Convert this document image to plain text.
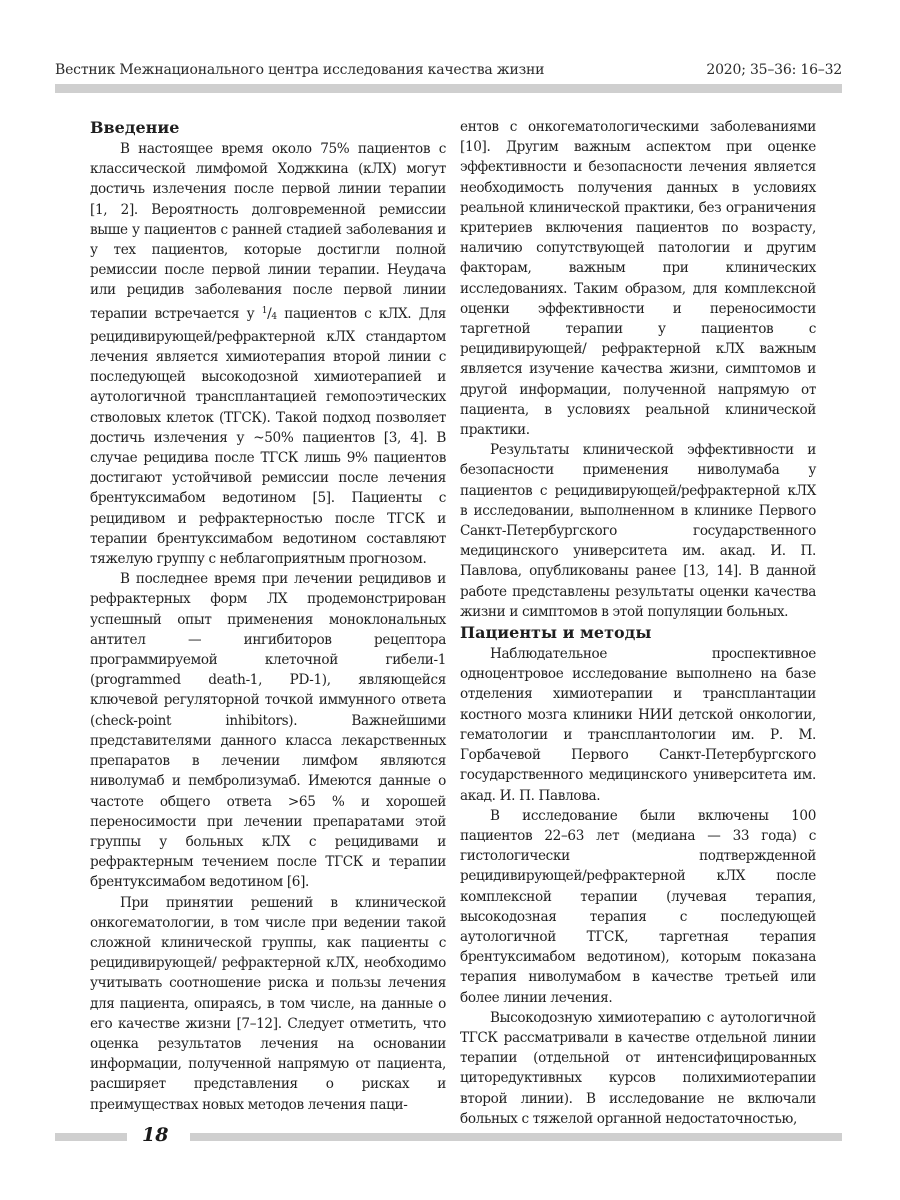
Вестник Межнационального центра исследования качества жизни	2020; 35–36: 16–32
Введение

В настоящее время около 75% пациентов с классической лимфомой Ходжкина (кЛХ) могут достичь излечения после первой линии терапии [1, 2]. Вероятность долговременной ремиссии выше у пациентов с ранней стадией заболевания и у тех пациентов, которые достигли полной ремиссии после первой линии терапии. Неудача или рецидив заболевания после первой линии терапии встречается у $^1/_4$ пациентов с кЛХ. Для рецидивирующей/рефрактерной кЛХ стандартом лечения является химиотерапия второй линии с последующей высокодозной химиотерапией и аутологичной трансплантацией гемопоэтических стволовых клеток (ТГСК). Такой подход позволяет достичь излечения у ~50% пациентов [3, 4]. В случае рецидива после ТГСК лишь 9% пациентов достигают устойчивой ремиссии после лечения брентуксимабом ведотином [5]. Пациенты с рецидивом и рефрактерностью после ТГСК и терапии брентуксимабом ведотином составляют тяжелую группу с неблагоприятным прогнозом.

В последнее время при лечении рецидивов и рефрактерных форм ЛХ продемонстрирован успешный опыт применения моноклональных антител — ингибиторов рецептора программируемой клеточной гибели-1 (programmed death-1, PD-1), являющейся ключевой регуляторной точкой иммунного ответа (check-point inhibitors). Важнейшими представителями данного класса лекарственных препаратов в лечении лимфом являются ниволумаб и пембролизумаб. Имеются данные о частоте общего ответа >65 % и хорошей переносимости при лечении препаратами этой группы у больных кЛХ с рецидивами и рефрактерным течением после ТГСК и терапии брентуксимабом ведотином [6].

При принятии решений в клинической онкогематологии, в том числе при ведении такой сложной клинической группы, как пациенты с рецидивирующей/ рефрактерной кЛХ, необходимо учитывать соотношение риска и пользы лечения для пациента, опираясь, в том числе, на данные о его качестве жизни [7–12]. Следует отметить, что оценка результатов лечения на основании информации, полученной напрямую от пациента, расширяет представления о рисках и преимуществах новых методов лечения паци-

ентов с онкогематологическими заболеваниями [10]. Другим важным аспектом при оценке эффективности и безопасности лечения является необходимость получения данных в условиях реальной клинической практики, без ограничения критериев включения пациентов по возрасту, наличию сопутствующей патологии и другим факторам, важным при клинических исследованиях. Таким образом, для комплексной оценки эффективности и переносимости таргетной терапии у пациентов с рецидивирующей/ рефрактерной кЛХ важным является изучение качества жизни, симптомов и другой информации, полученной напрямую от пациента, в условиях реальной клинической практики.

Результаты клинической эффективности и безопасности применения ниволумаба у пациентов с рецидивирующей/рефрактерной кЛХ в исследовании, выполненном в клинике Первого Санкт-Петербургского государственного медицинского университета им. акад. И. П. Павлова, опубликованы ранее [13, 14]. В данной работе представлены результаты оценки качества жизни и симптомов в этой популяции больных.

Пациенты и методы

Наблюдательное проспективное одноцентровое исследование выполнено на базе отделения химиотерапии и трансплантации костного мозга клиники НИИ детской онкологии, гематологии и трансплантологии им. Р. М. Горбачевой Первого Санкт-Петербургского государственного медицинского университета им. акад. И. П. Павлова.

В исследование были включены 100 пациентов 22–63 лет (медиана — 33 года) с гистологически подтвержденной рецидивирующей/рефрактерной кЛХ после комплексной терапии (лучевая терапия, высокодозная терапия с последующей аутологичной ТГСК, таргетная терапия брентуксимабом ведотином), которым показана терапия ниволумабом в качестве третьей или более линии лечения.

Высокодозную химиотерапию с аутологичной ТГСК рассматривали в качестве отдельной линии терапии (отдельной от интенсифицированных циторедуктивных курсов полихимиотерапии второй линии). В исследование не включали больных с тяжелой органной недостаточностью,

18
